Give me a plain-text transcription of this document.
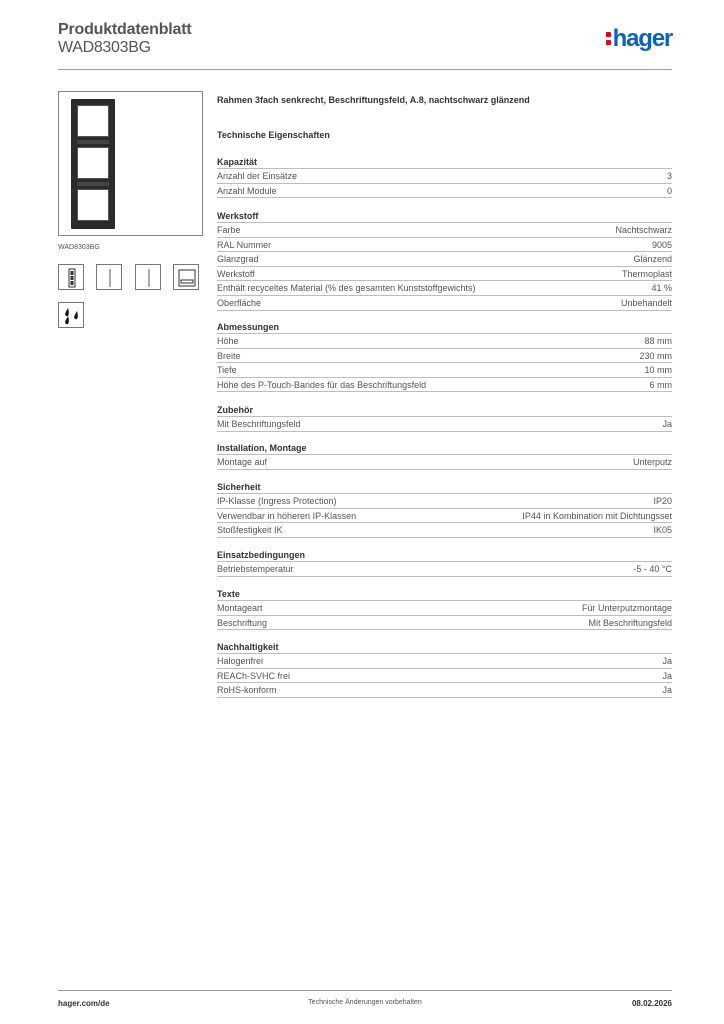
Produktdatenblatt
WAD8303BG	hager
WAD8303BG
Rahmen 3fach senkrecht, Beschriftungsfeld, A.8, nachtschwarz glänzend
Technische Eigenschaften
Kapazität
Anzahl der Einsätze	3
Anzahl Module	0
Werkstoff
Farbe	Nachtschwarz
RAL Nummer	9005
Glanzgrad	Glänzend
Werkstoff	Thermoplast
Enthält recyceltes Material (% des gesamten Kunststoffgewichts)	41 %
Oberfläche	Unbehandelt
Abmessungen
Höhe	88 mm
Breite	230 mm
Tiefe	10 mm
Höhe des P-Touch-Bandes für das Beschriftungsfeld	6 mm
Zubehör
Mit Beschriftungsfeld	Ja
Installation, Montage
Montage auf	Unterputz
Sicherheit
IP-Klasse (Ingress Protection)	IP20
Verwendbar in höheren IP-Klassen	IP44 in Kombination mit Dichtungsset
Stoßfestigkeit IK	IK05
Einsatzbedingungen
Betriebstemperatur	-5 - 40 °C
Texte
Montageart	Für Unterputzmontage
Beschriftung	Mit Beschriftungsfeld
Nachhaltigkeit
Halogenfrei	Ja
REACh-SVHC frei	Ja
RoHS-konform	Ja
hager.com/de	Technische Änderungen vorbehalten	08.02.2026
